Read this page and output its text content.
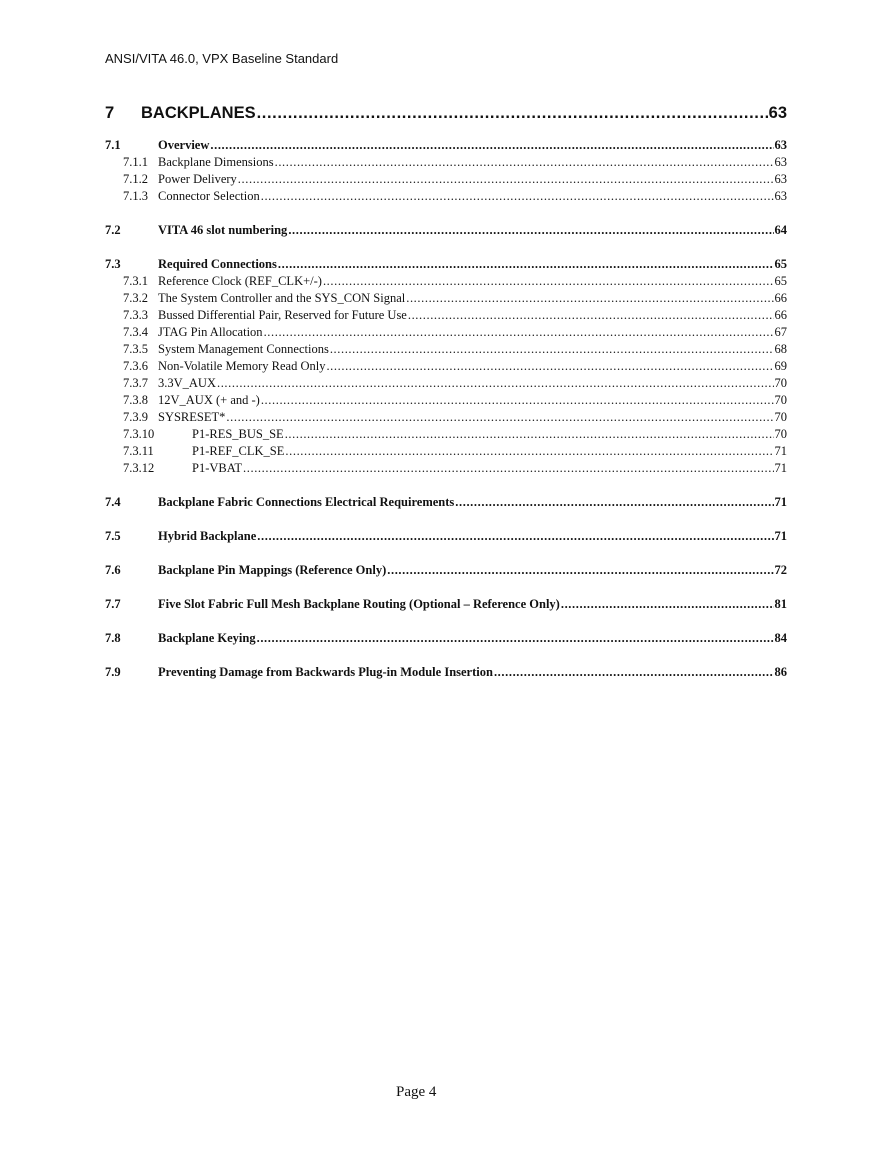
ANSI/VITA 46.0, VPX Baseline Standard
7	BACKPLANES .....	63
7.1	Overview .....	63
7.1.1 Backplane Dimensions .....	63
7.1.2 Power Delivery .....	63
7.1.3 Connector Selection .....	63
7.2	VITA 46 slot numbering .....	64
7.3	Required Connections .....	65
7.3.1 Reference Clock (REF_CLK+/-) .....	65
7.3.2 The System Controller and the SYS_CON Signal .....	66
7.3.3 Bussed Differential Pair, Reserved for Future Use .....	66
7.3.4 JTAG Pin Allocation .....	67
7.3.5 System Management Connections .....	68
7.3.6 Non-Volatile Memory Read Only .....	69
7.3.7 3.3V_AUX .....	70
7.3.8 12V_AUX (+ and -) .....	70
7.3.9 SYSRESET* .....	70
7.3.10	P1-RES_BUS_SE .....	70
7.3.11	P1-REF_CLK_SE .....	71
7.3.12	P1-VBAT .....	71
7.4	Backplane Fabric Connections Electrical Requirements .....	71
7.5	Hybrid Backplane .....	71
7.6	Backplane Pin Mappings (Reference Only) .....	72
7.7	Five Slot Fabric Full Mesh Backplane Routing (Optional – Reference Only) .....	81
7.8	Backplane Keying .....	84
7.9	Preventing Damage from Backwards Plug-in Module Insertion .....	86
Page 4
